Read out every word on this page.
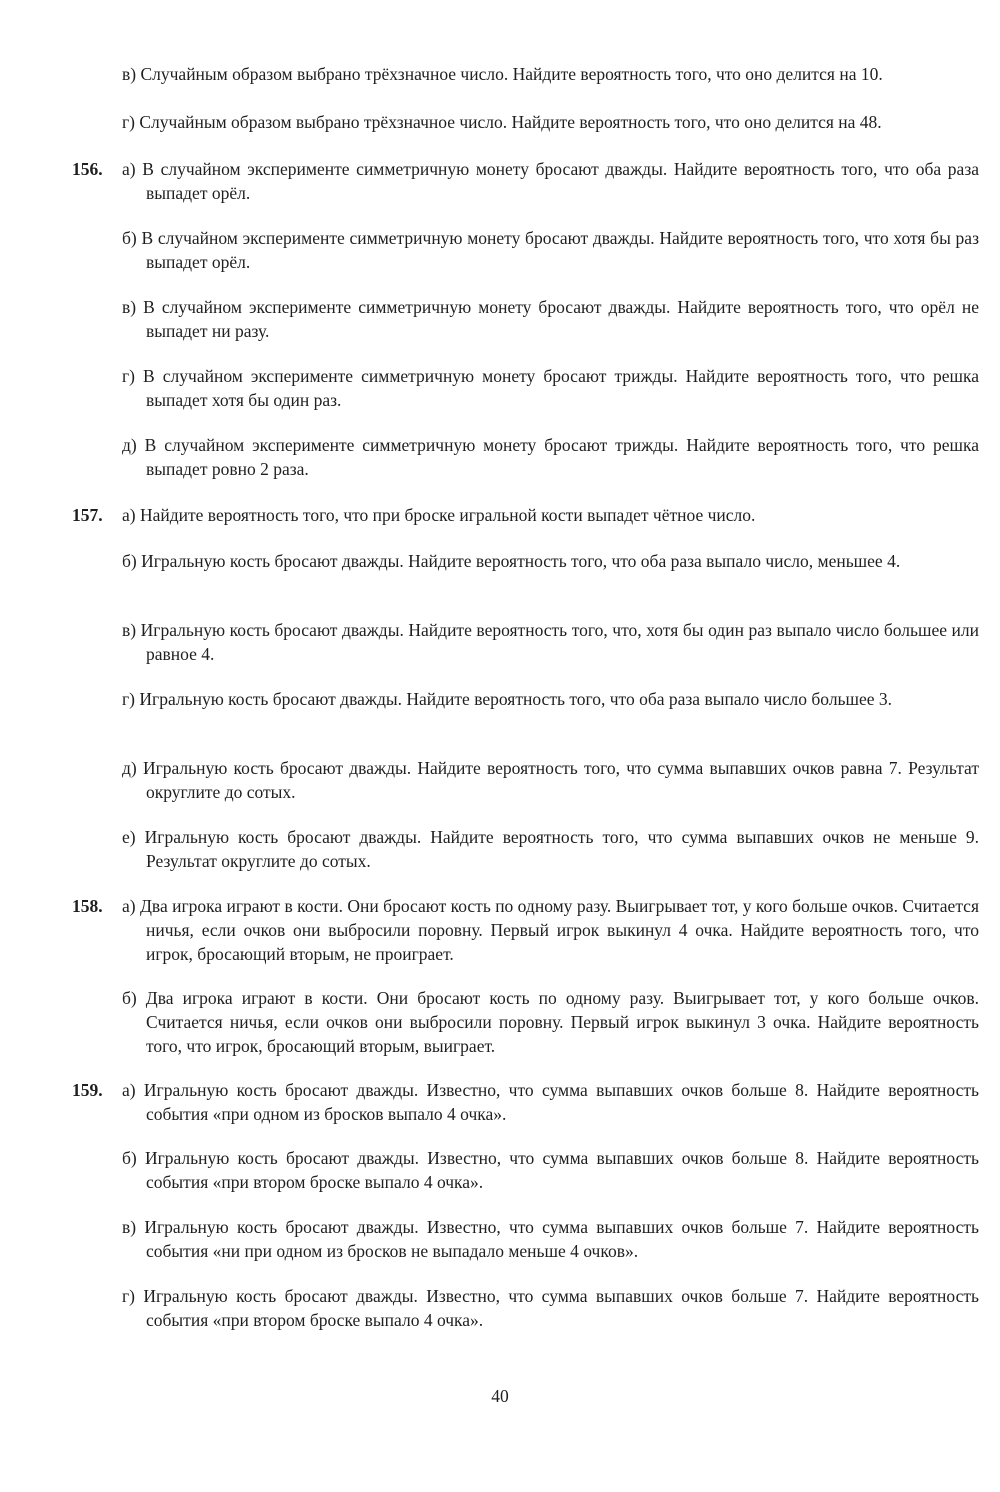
в) Случайным образом выбрано трёхзначное число. Найдите вероятность того, что оно делится на 10.
г) Случайным образом выбрано трёхзначное число. Найдите вероятность того, что оно делится на 48.
156. а) В случайном эксперименте симметричную монету бросают дважды. Найдите вероятность того, что оба раза выпадет орёл.
б) В случайном эксперименте симметричную монету бросают дважды. Найдите вероятность того, что хотя бы раз выпадет орёл.
в) В случайном эксперименте симметричную монету бросают дважды. Найдите вероятность того, что орёл не выпадет ни разу.
г) В случайном эксперименте симметричную монету бросают трижды. Найдите вероятность того, что решка выпадет хотя бы один раз.
д) В случайном эксперименте симметричную монету бросают трижды. Найдите вероятность того, что решка выпадет ровно 2 раза.
157. а) Найдите вероятность того, что при броске игральной кости выпадет чётное число.
б) Игральную кость бросают дважды. Найдите вероятность того, что оба раза выпало число, меньшее 4.
в) Игральную кость бросают дважды. Найдите вероятность того, что, хотя бы один раз выпало число большее или равное 4.
г) Игральную кость бросают дважды. Найдите вероятность того, что оба раза выпало число большее 3.
д) Игральную кость бросают дважды. Найдите вероятность того, что сумма выпавших очков равна 7. Результат округлите до сотых.
е) Игральную кость бросают дважды. Найдите вероятность того, что сумма выпавших очков не меньше 9. Результат округлите до сотых.
158. а) Два игрока играют в кости. Они бросают кость по одному разу. Выигрывает тот, у кого больше очков. Считается ничья, если очков они выбросили поровну. Первый игрок выкинул 4 очка. Найдите вероятность того, что игрок, бросающий вторым, не проиграет.
б) Два игрока играют в кости. Они бросают кость по одному разу. Выигрывает тот, у кого больше очков. Считается ничья, если очков они выбросили поровну. Первый игрок выкинул 3 очка. Найдите вероятность того, что игрок, бросающий вторым, выиграет.
159. а) Игральную кость бросают дважды. Известно, что сумма выпавших очков больше 8. Найдите вероятность события «при одном из бросков выпало 4 очка».
б) Игральную кость бросают дважды. Известно, что сумма выпавших очков больше 8. Найдите вероятность события «при втором броске выпало 4 очка».
в) Игральную кость бросают дважды. Известно, что сумма выпавших очков больше 7. Найдите вероятность события «ни при одном из бросков не выпадало меньше 4 очков».
г) Игральную кость бросают дважды. Известно, что сумма выпавших очков больше 7. Найдите вероятность события «при втором броске выпало 4 очка».
40
